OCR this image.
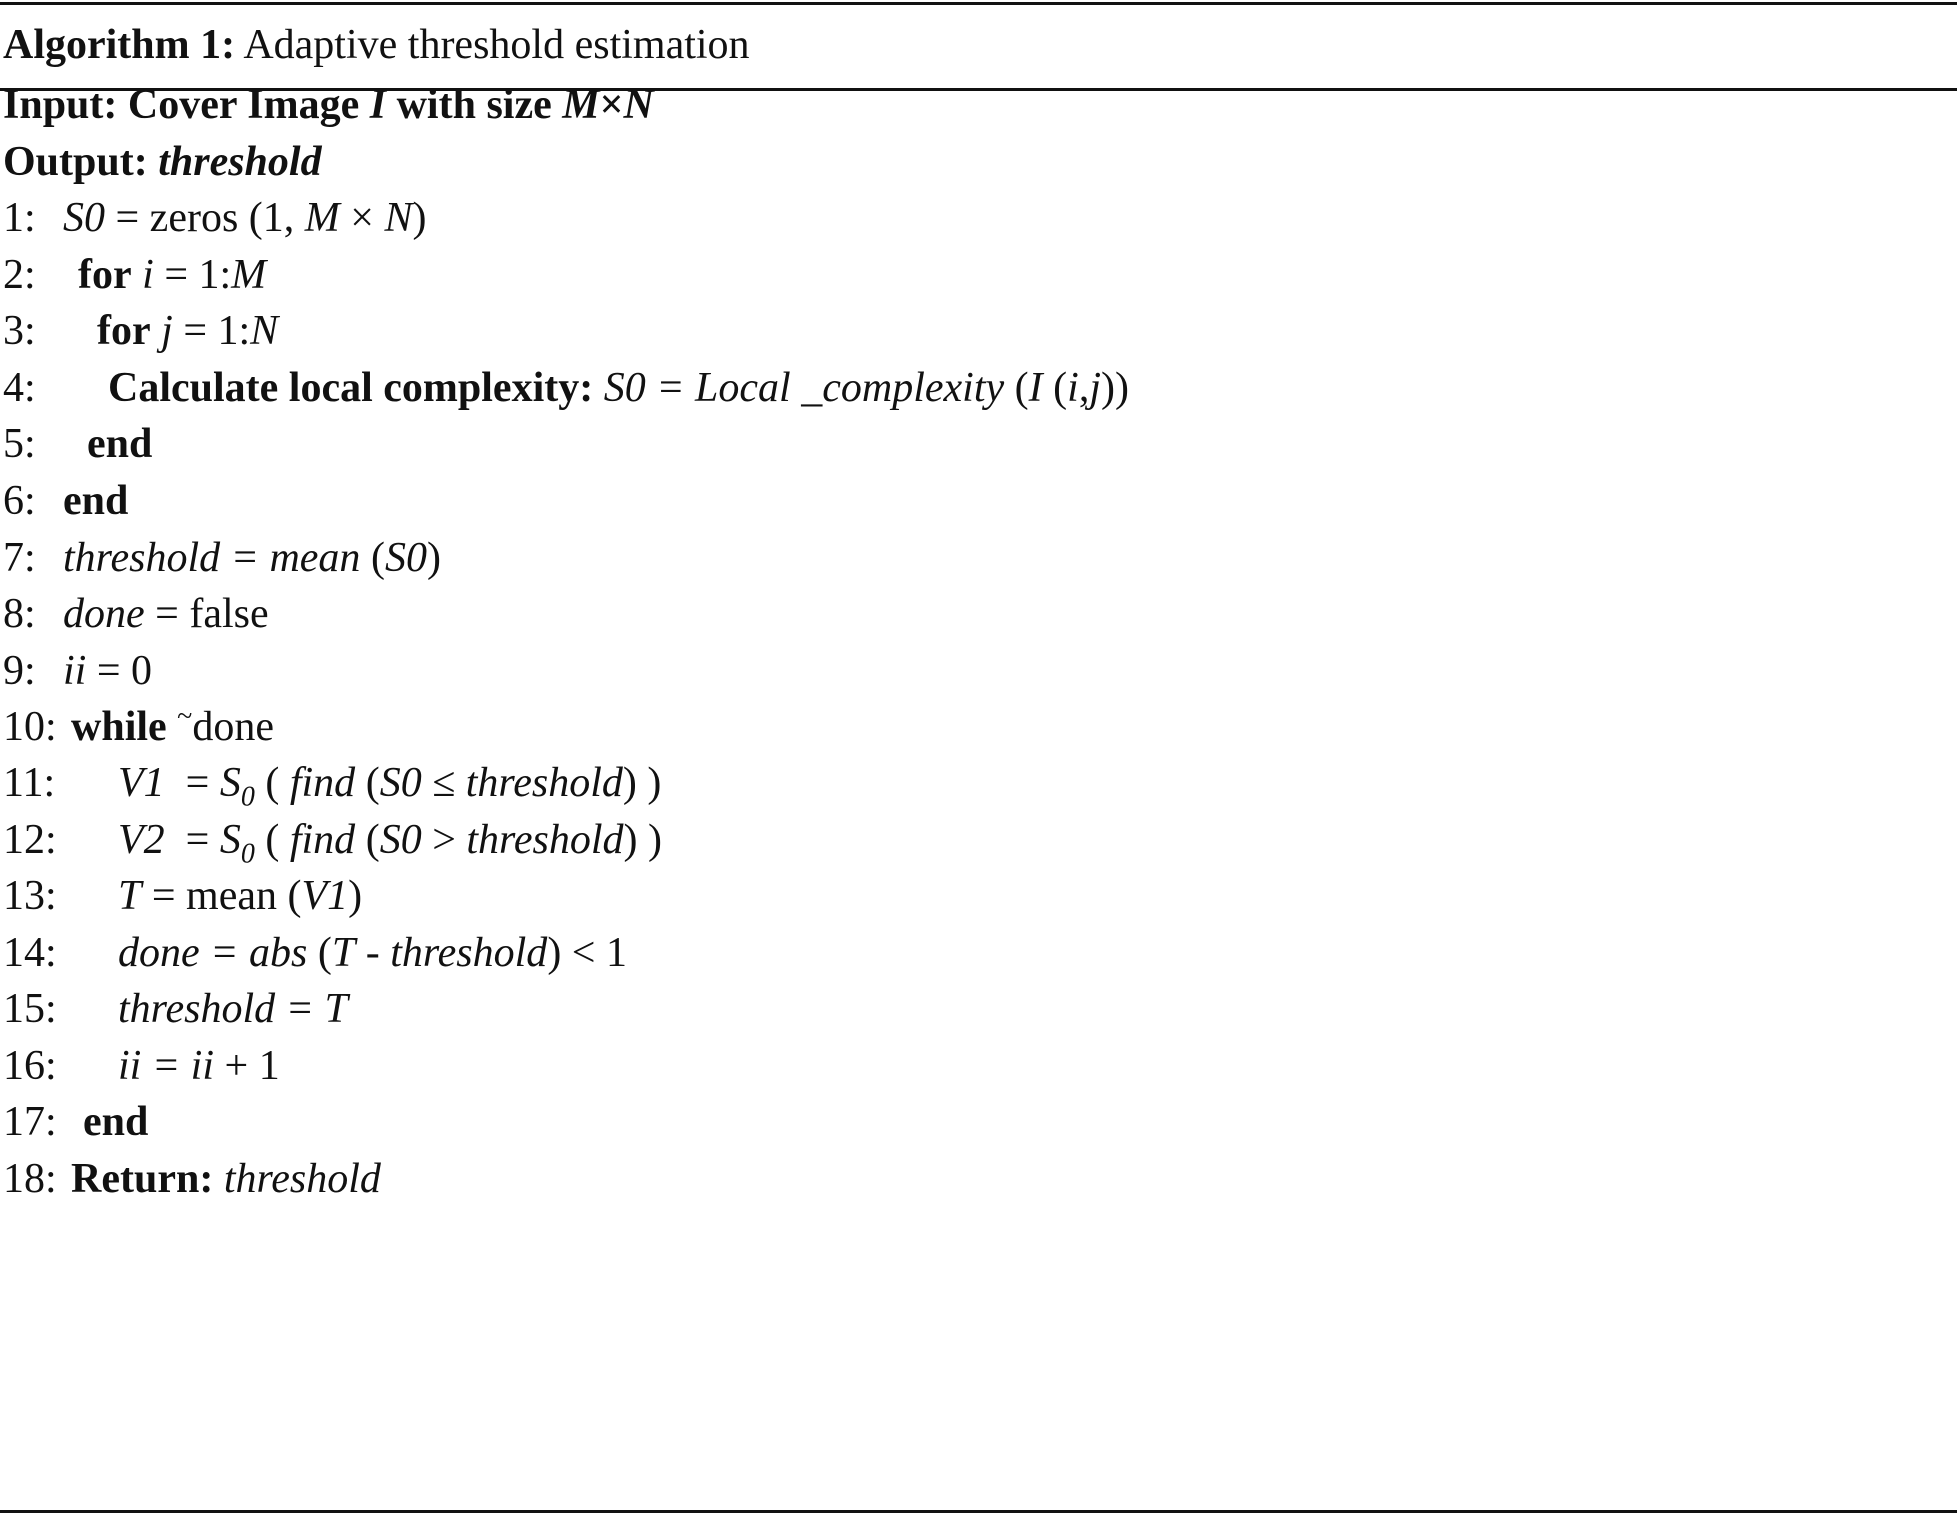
Algorithm 1: Adaptive threshold estimation
Input: Cover Image I with size M×N
Output: threshold
1: S0 = zeros (1, M × N)
2: for i = 1:M
3: for j = 1:N
4: Calculate local complexity: S0 = Local _complexity (I (i,j))
5: end
6: end
7: threshold = mean (S0)
8: done = false
9: ii = 0
10: while ~done
11: $V1 = S_0$ ( find (S0 ≤ threshold) )
12: $V2 = S_0$ ( find (S0 > threshold) )
13: T = mean (V1)
14: done = abs (T - threshold) < 1
15: threshold = T
16: ii = ii + 1
17: end
18: Return: threshold
